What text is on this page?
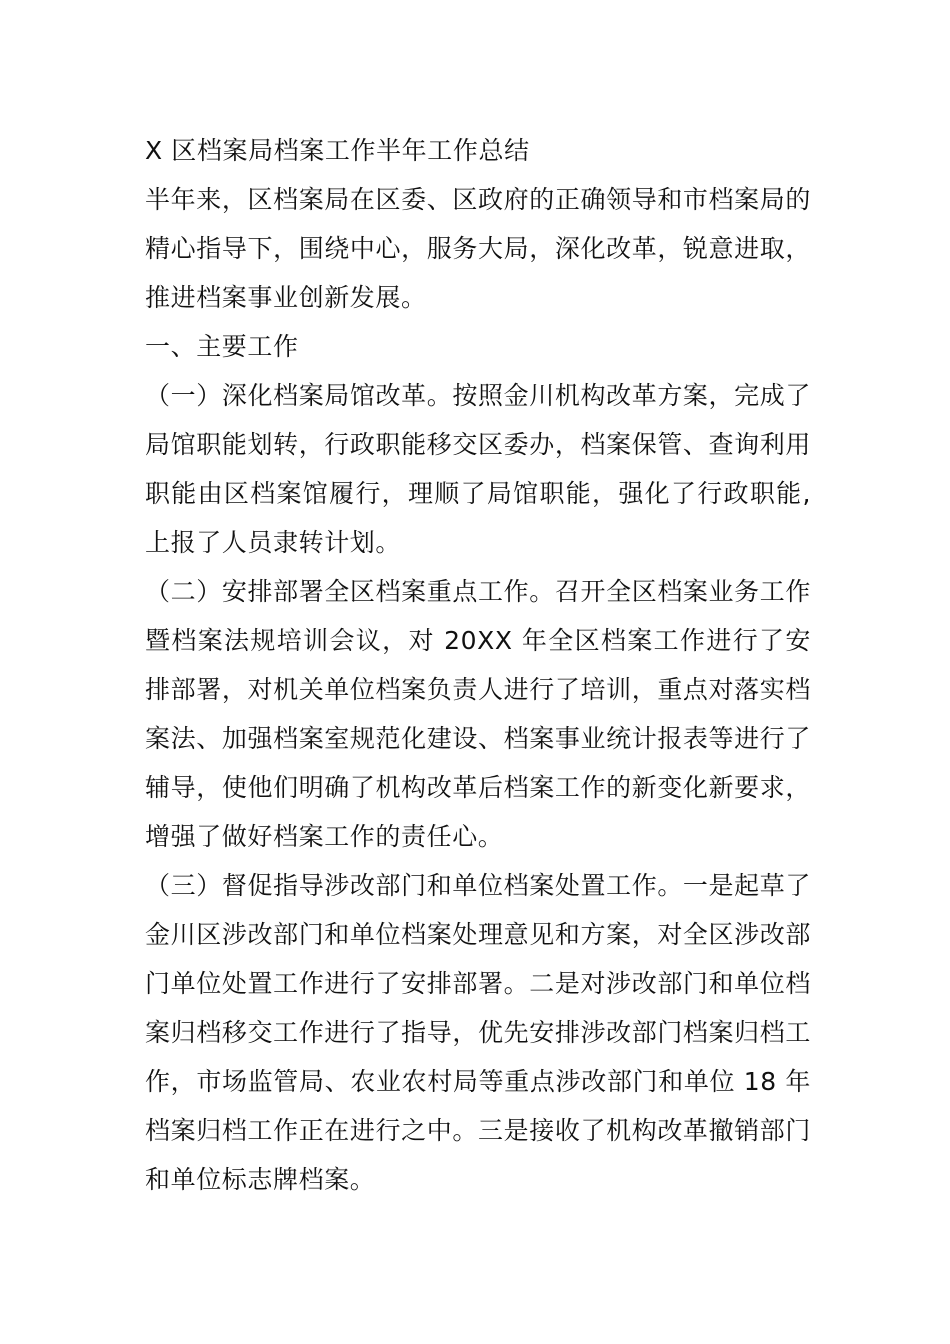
X 区档案局档案工作半年工作总结

半年来，区档案局在区委、区政府的正确领导和市档案局的精心指导下，围绕中心，服务大局，深化改革，锐意进取，推进档案事业创新发展。

一、主要工作

（一）深化档案局馆改革。按照金川机构改革方案，完成了局馆职能划转，行政职能移交区委办，档案保管、查询利用职能由区档案馆履行，理顺了局馆职能，强化了行政职能,上报了人员隶转计划。

（二）安排部署全区档案重点工作。召开全区档案业务工作暨档案法规培训会议，对 20XX 年全区档案工作进行了安排部署，对机关单位档案负责人进行了培训，重点对落实档案法、加强档案室规范化建设、档案事业统计报表等进行了辅导，使他们明确了机构改革后档案工作的新变化新要求，增强了做好档案工作的责任心。

（三）督促指导涉改部门和单位档案处置工作。一是起草了金川区涉改部门和单位档案处理意见和方案，对全区涉改部门单位处置工作进行了安排部署。二是对涉改部门和单位档案归档移交工作进行了指导，优先安排涉改部门档案归档工作，市场监管局、农业农村局等重点涉改部门和单位 18 年档案归档工作正在进行之中。三是接收了机构改革撤销部门和单位标志牌档案。
